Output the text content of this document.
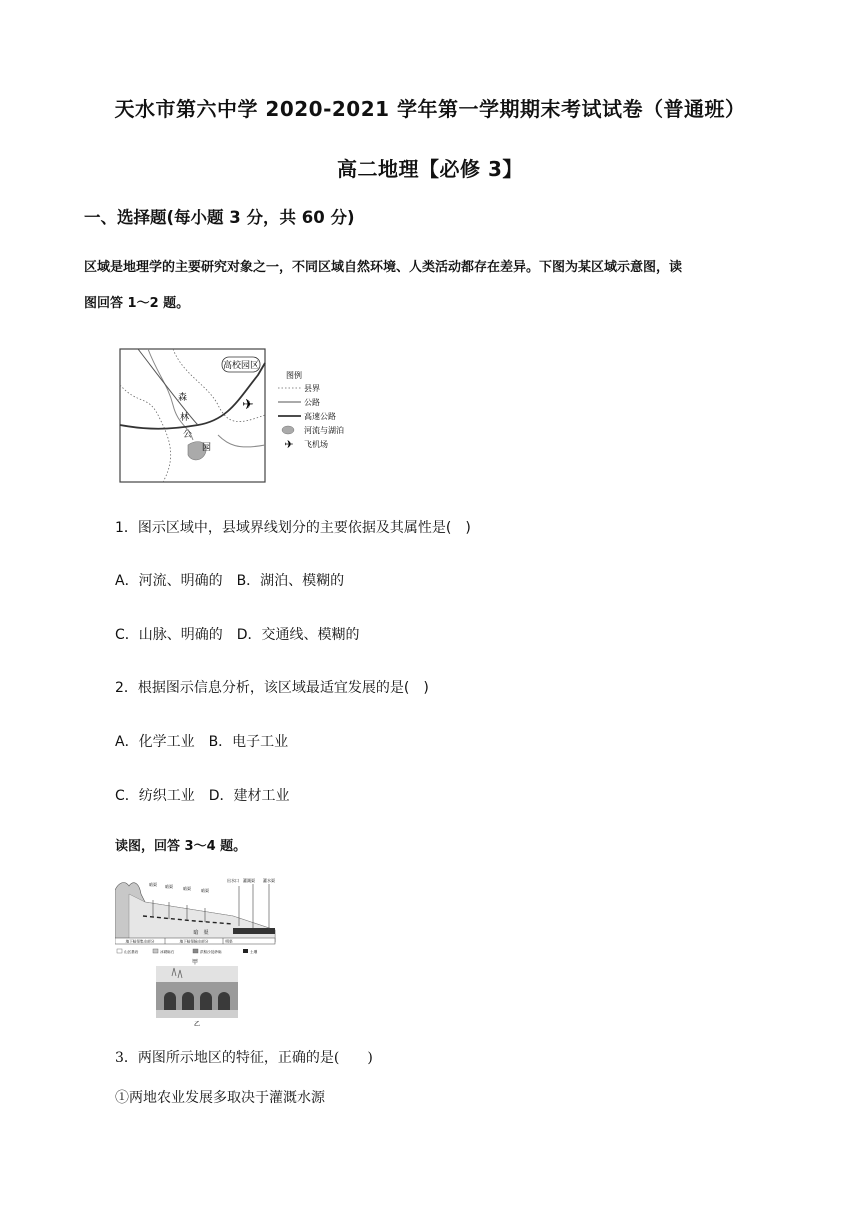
天水市第六中学 2020-2021 学年第一学期期末考试试卷（普通班）
高二地理【必修 3】
一、选择题(每小题 3 分，共 60 分)
区域是地理学的主要研究对象之一，不同区域自然环境、人类活动都存在差异。下图为某区域示意图，读
图回答 1～2 题。
高校园区
森
林
公
园
✈
图例
县界
公路
高速公路
河流与湖泊
✈ 飞机场
1．图示区域中，县域界线划分的主要依据及其属性是(　)
A．河流、明确的　B．湖泊、模糊的
C．山脉、明确的　D．交通线、模糊的
2．根据图示信息分析，该区域最适宜发展的是(　)
A．化学工业　B．电子工业
C．纺织工业　D．建材工业
读图，回答 3～4 题。
暗渠 暗渠	暗渠	暗渠
出水口 灌溉渠 灌水渠
暗　渠
地下暗渠集水部分	地下暗渠输水部分	明渠
山区基岩	冰碛砾石	洪积沙及砂砾	土壤
甲
乙
3．两图所示地区的特征，正确的是(　　)
①两地农业发展多取决于灌溉水源
